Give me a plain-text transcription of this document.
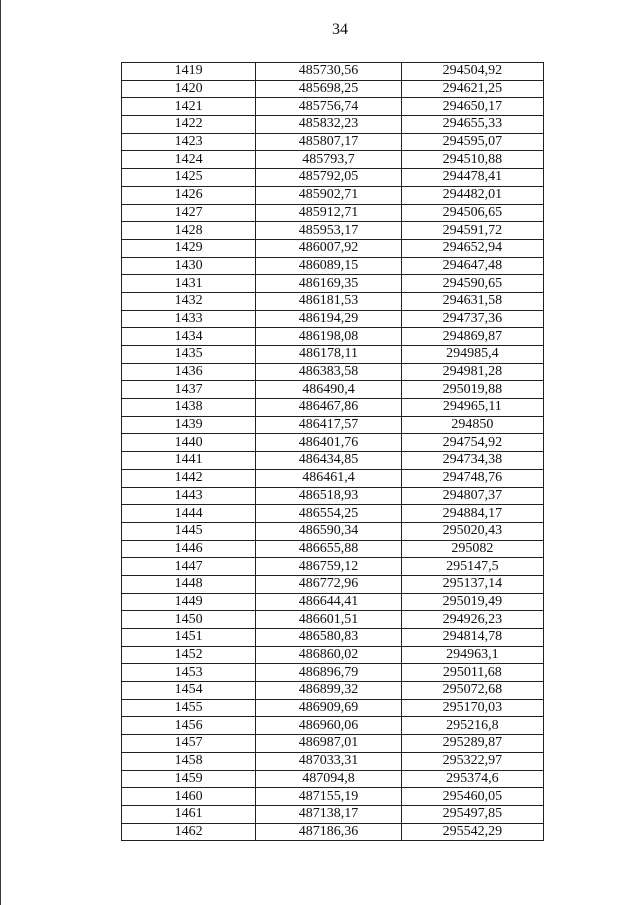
34
1419	485730,56	294504,92
1420	485698,25	294621,25
1421	485756,74	294650,17
1422	485832,23	294655,33
1423	485807,17	294595,07
1424	485793,7	294510,88
1425	485792,05	294478,41
1426	485902,71	294482,01
1427	485912,71	294506,65
1428	485953,17	294591,72
1429	486007,92	294652,94
1430	486089,15	294647,48
1431	486169,35	294590,65
1432	486181,53	294631,58
1433	486194,29	294737,36
1434	486198,08	294869,87
1435	486178,11	294985,4
1436	486383,58	294981,28
1437	486490,4	295019,88
1438	486467,86	294965,11
1439	486417,57	294850
1440	486401,76	294754,92
1441	486434,85	294734,38
1442	486461,4	294748,76
1443	486518,93	294807,37
1444	486554,25	294884,17
1445	486590,34	295020,43
1446	486655,88	295082
1447	486759,12	295147,5
1448	486772,96	295137,14
1449	486644,41	295019,49
1450	486601,51	294926,23
1451	486580,83	294814,78
1452	486860,02	294963,1
1453	486896,79	295011,68
1454	486899,32	295072,68
1455	486909,69	295170,03
1456	486960,06	295216,8
1457	486987,01	295289,87
1458	487033,31	295322,97
1459	487094,8	295374,6
1460	487155,19	295460,05
1461	487138,17	295497,85
1462	487186,36	295542,29
